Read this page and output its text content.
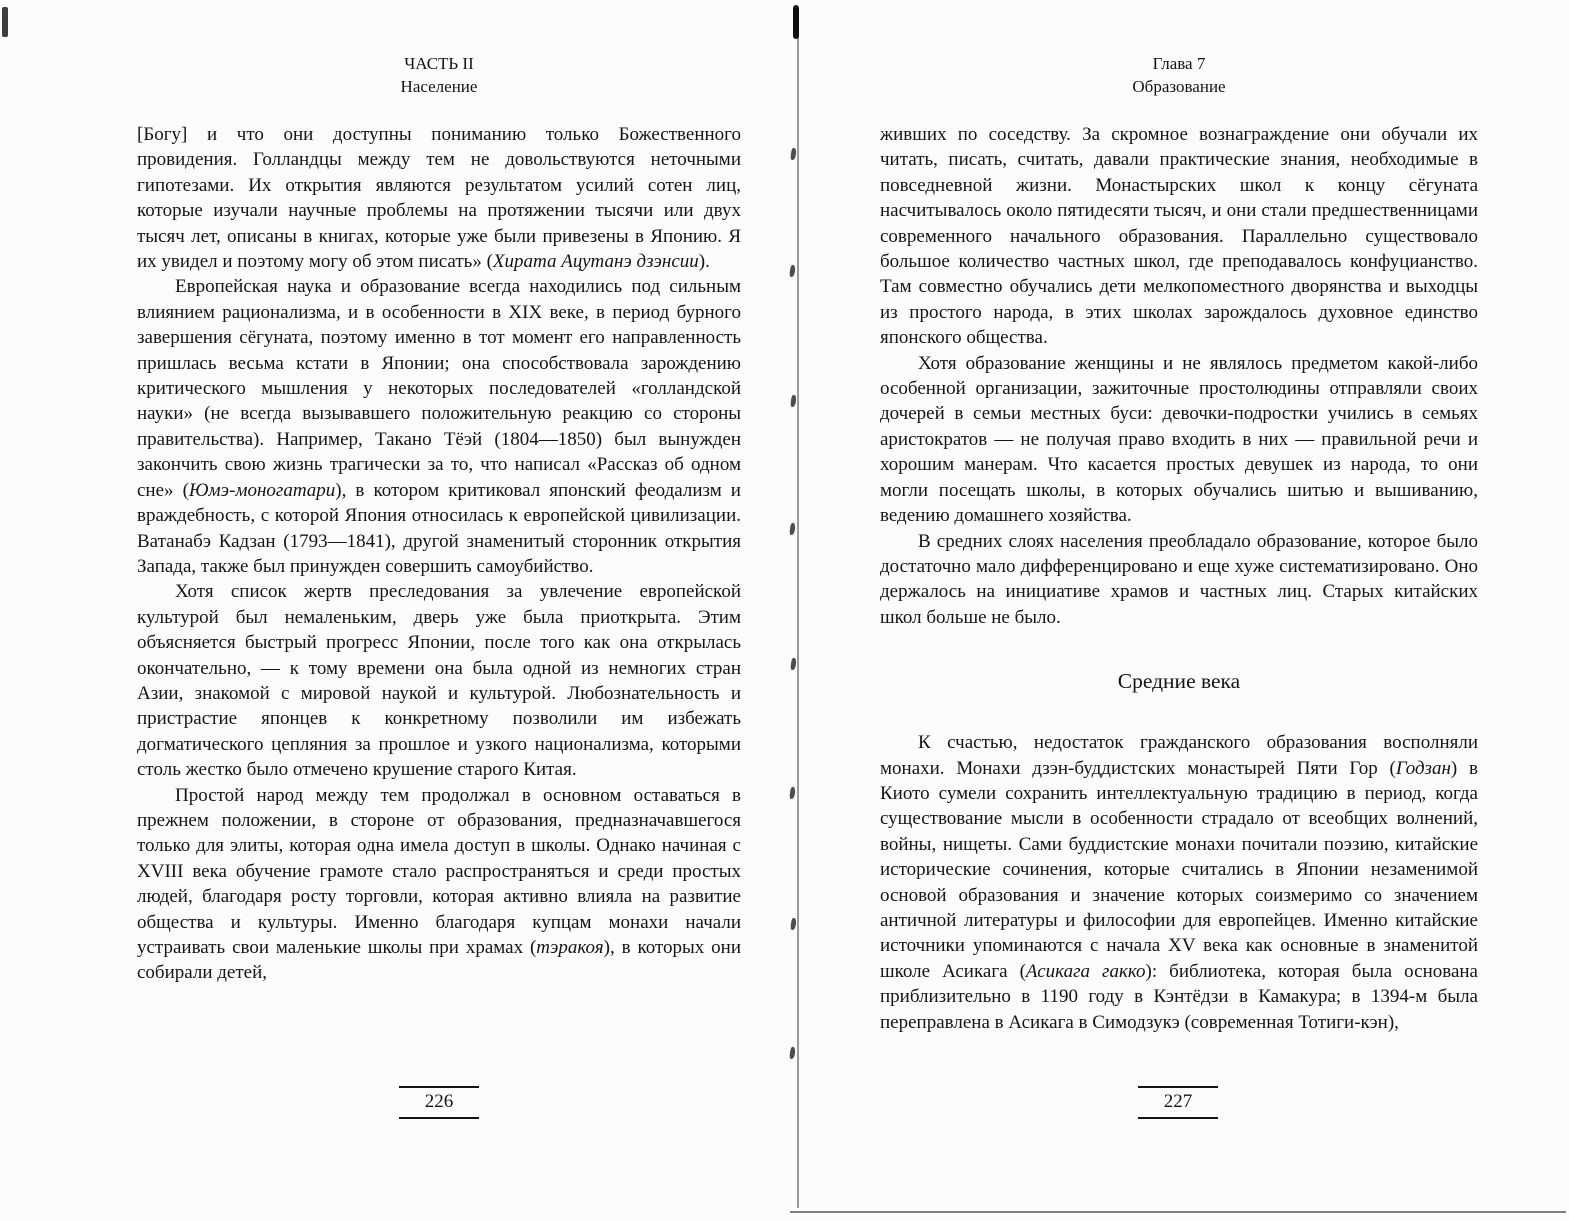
ЧАСТЬ II
Население

[Богу] и что они доступны пониманию только Божественного провидения. Голландцы между тем не довольствуются неточными гипотезами. Их открытия являются результатом усилий сотен лиц, которые изучали научные проблемы на протяжении тысячи или двух тысяч лет, описаны в книгах, которые уже были привезены в Японию. Я их увидел и поэтому могу об этом писать» (Хирата Ацутанэ дзэнсии).

Европейская наука и образование всегда находились под сильным влиянием рационализма, и в особенности в XIX веке, в период бурного завершения сёгуната, поэтому именно в тот момент его направленность пришлась весьма кстати в Японии; она способствовала зарождению критического мышления у некоторых последователей «голландской науки» (не всегда вызывавшего положительную реакцию со стороны правительства). Например, Такано Тёэй (1804—1850) был вынужден закончить свою жизнь трагически за то, что написал «Рассказ об одном сне» (Юмэ-моногатари), в котором критиковал японский феодализм и враждебность, с которой Япония относилась к европейской цивилизации. Ватанабэ Кадзан (1793—1841), другой знаменитый сторонник открытия Запада, также был принужден совершить самоубийство.

Хотя список жертв преследования за увлечение европейской культурой был немаленьким, дверь уже была приоткрыта. Этим объясняется быстрый прогресс Японии, после того как она открылась окончательно, — к тому времени она была одной из немногих стран Азии, знакомой с мировой наукой и культурой. Любознательность и пристрастие японцев к конкретному позволили им избежать догматического цепляния за прошлое и узкого национализма, которыми столь жестко было отмечено крушение старого Китая.

Простой народ между тем продолжал в основном оставаться в прежнем положении, в стороне от образования, предназначавшегося только для элиты, которая одна имела доступ в школы. Однако начиная с XVIII века обучение грамоте стало распространяться и среди простых людей, благодаря росту торговли, которая активно влияла на развитие общества и культуры. Именно благодаря купцам монахи начали устраивать свои маленькие школы при храмах (тэракоя), в которых они собирали детей,

Глава 7
Образование

живших по соседству. За скромное вознаграждение они обучали их читать, писать, считать, давали практические знания, необходимые в повседневной жизни. Монастырских школ к концу сёгуната насчитывалось около пятидесяти тысяч, и они стали предшественницами современного начального образования. Параллельно существовало большое количество частных школ, где преподавалось конфуцианство. Там совместно обучались дети мелкопоместного дворянства и выходцы из простого народа, в этих школах зарождалось духовное единство японского общества.

Хотя образование женщины и не являлось предметом какой-либо особенной организации, зажиточные простолюдины отправляли своих дочерей в семьи местных буси: девочки-подростки учились в семьях аристократов — не получая право входить в них — правильной речи и хорошим манерам. Что касается простых девушек из народа, то они могли посещать школы, в которых обучались шитью и вышиванию, ведению домашнего хозяйства.

В средних слоях населения преобладало образование, которое было достаточно мало дифференцировано и еще хуже систематизировано. Оно держалось на инициативе храмов и частных лиц. Старых китайских школ больше не было.

Средние века

К счастью, недостаток гражданского образования восполняли монахи. Монахи дзэн-буддистских монастырей Пяти Гор (Годзан) в Киото сумели сохранить интеллектуальную традицию в период, когда существование мысли в особенности страдало от всеобщих волнений, войны, нищеты. Сами буддистские монахи почитали поэзию, китайские исторические сочинения, которые считались в Японии незаменимой основой образования и значение которых соизмеримо со значением античной литературы и философии для европейцев. Именно китайские источники упоминаются с начала XV века как основные в знаменитой школе Асикага (Асикага гакко): библиотека, которая была основана приблизительно в 1190 году в Кэнтёдзи в Камакура; в 1394-м была переправлена в Асикага в Симодзукэ (современная Тотиги-кэн),

226	227
